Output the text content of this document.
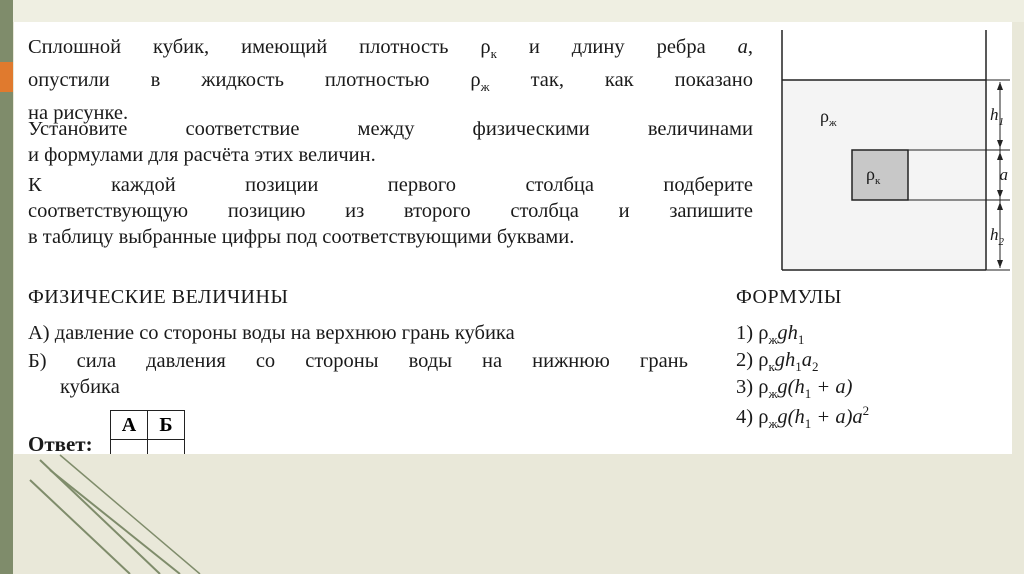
Сплошной кубик, имеющий плотность $\rho_к$ и длину ребра a,
опустили в жидкость плотностью $\rho_ж$ так, как показано
на рисунке.

Установите соответствие между физическими величинами
и формулами для расчёта этих величин.

К каждой позиции первого столбца подберите
соответствующую позицию из второго столбца и запишите
в таблицу выбранные цифры под соответствующими буквами.

ФИЗИЧЕСКИЕ ВЕЛИЧИНЫ	ФОРМУЛЫ
А) давление со стороны воды на верхнюю грань кубика
Б) сила давления со стороны воды на нижнюю грань
кубика
1) $\rho_жgh_1$
2) $\rho_кgh_1a_2$
3) $\rho_жg(h_1 + a)$
4) $\rho_жg(h_1 + a)a^2$
Ответ:
А	Б

$\rho_ж$
$\rho_к$
$h_1$
a
$h_2$
